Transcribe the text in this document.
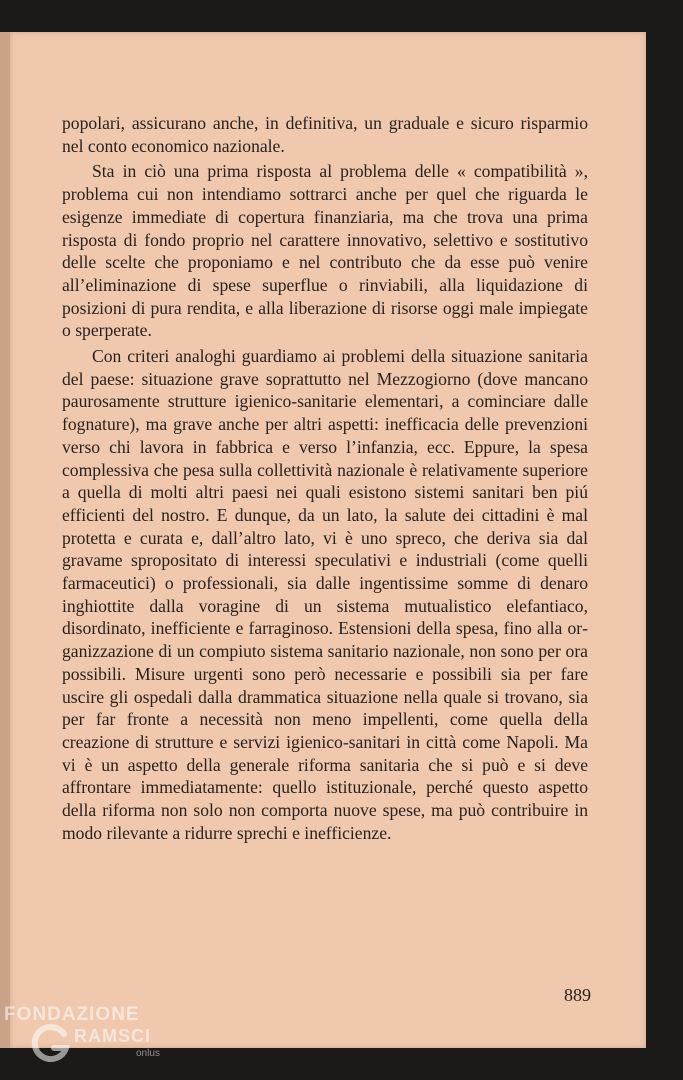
popolari, assicurano anche, in definitiva, un graduale e sicuro risparmio nel conto economico nazionale.

Sta in ciò una prima risposta al problema delle « compatibilità », problema cui non intendiamo sottrarci anche per quel che riguarda le esigenze immediate di copertura finanziaria, ma che trova una prima risposta di fondo proprio nel carattere innovativo, selettivo e sostitutivo delle scelte che proponiamo e nel contributo che da esse può venire all’eliminazione di spese superflue o rinviabili, alla liquidazione di posizioni di pura rendita, e alla liberazione di risorse oggi male impiegate o sperperate.

Con criteri analoghi guardiamo ai problemi della situazione sanitaria del paese: situazione grave soprattutto nel Mezzogiorno (dove mancano paurosamente strutture igienico-sanitarie elementari, a cominciare dalle fognature), ma grave anche per altri aspetti: inefficacia delle prevenzioni verso chi lavora in fabbrica e verso l’infanzia, ecc. Eppure, la spesa complessiva che pesa sulla collettività nazionale è relativamente superiore a quella di molti altri paesi nei quali esistono sistemi sanitari ben piú efficienti del nostro. E dunque, da un lato, la salute dei cittadini è mal protetta e curata e, dall’altro lato, vi è uno spreco, che deriva sia dal gravame spropositato di interessi speculativi e industriali (come quelli farmaceutici) o professionali, sia dalle ingentissime somme di denaro inghiottite dalla voragine di un sistema mutualistico elefantiaco, disordinato, inefficiente e farraginoso. Estensioni della spesa, fino alla organizzazione di un compiuto sistema sanitario nazionale, non sono per ora possibili. Misure urgenti sono però necessarie e possibili sia per fare uscire gli ospedali dalla drammatica situazione nella quale si trovano, sia per far fronte a necessità non meno impellenti, come quella della creazione di strutture e servizi igienico-sanitari in città come Napoli. Ma vi è un aspetto della generale riforma sanitaria che si può e si deve affrontare immediatamente: quello istituzionale, perché questo aspetto della riforma non solo non comporta nuove spese, ma può contribuire in modo rilevante a ridurre sprechi e inefficienze.

889
FONDAZIONE
RAMSCI
onlus
